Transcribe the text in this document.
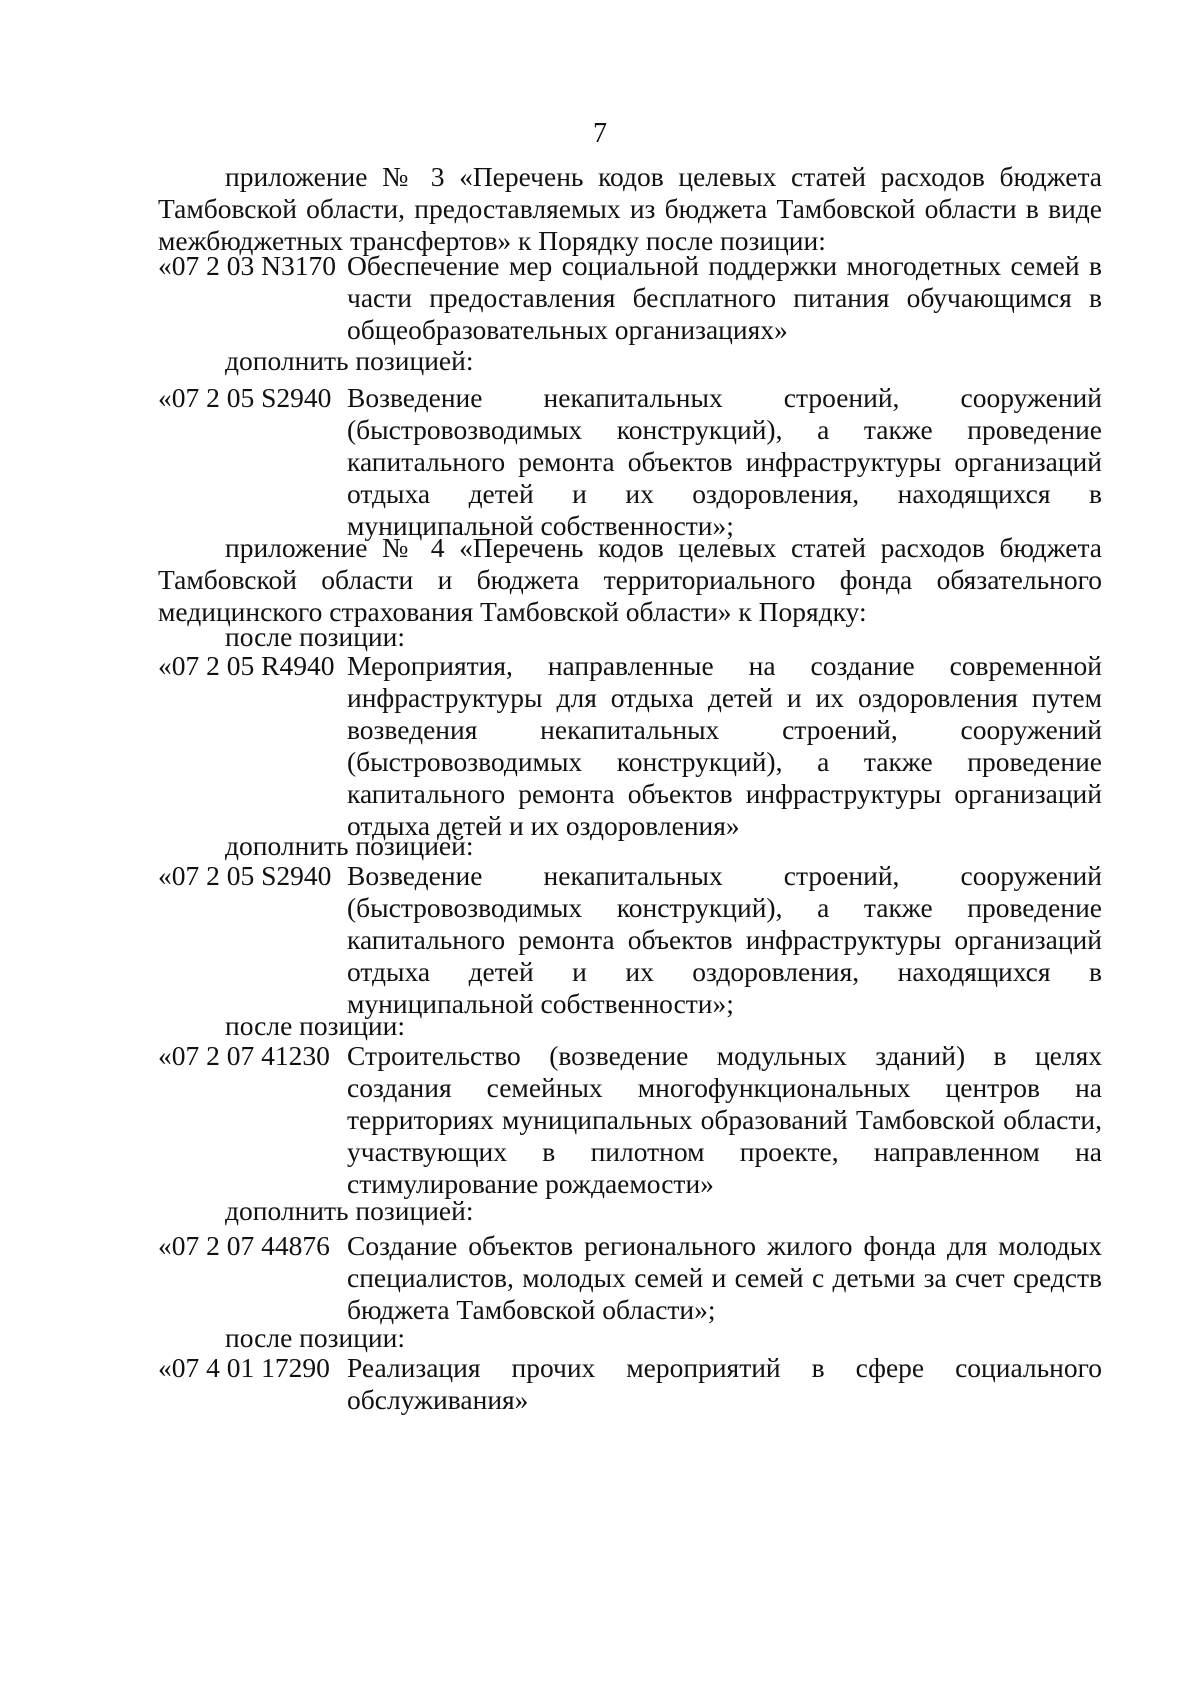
7
приложение № 3 «Перечень кодов целевых статей расходов бюджета Тамбовской области, предоставляемых из бюджета Тамбовской области в виде межбюджетных трансфертов» к Порядку после позиции:
«07 2 03 N3170 Обеспечение мер социальной поддержки многодетных семей в части предоставления бесплатного питания обучающимся в общеобразовательных организациях»
дополнить позицией:
«07 2 05 S2940 Возведение некапитальных строений, сооружений (быстровозводимых конструкций), а также проведение капитального ремонта объектов инфраструктуры организаций отдыха детей и их оздоровления, находящихся в муниципальной собственности»;
приложение № 4 «Перечень кодов целевых статей расходов бюджета Тамбовской области и бюджета территориального фонда обязательного медицинского страхования Тамбовской области» к Порядку:
после позиции:
«07 2 05 R4940 Мероприятия, направленные на создание современной инфраструктуры для отдыха детей и их оздоровления путем возведения некапитальных строений, сооружений (быстровозводимых конструкций), а также проведение капитального ремонта объектов инфраструктуры организаций отдыха детей и их оздоровления»
дополнить позицией:
«07 2 05 S2940 Возведение некапитальных строений, сооружений (быстровозводимых конструкций), а также проведение капитального ремонта объектов инфраструктуры организаций отдыха детей и их оздоровления, находящихся в муниципальной собственности»;
после позиции:
«07 2 07 41230 Строительство (возведение модульных зданий) в целях создания семейных многофункциональных центров на территориях муниципальных образований Тамбовской области, участвующих в пилотном проекте, направленном на стимулирование рождаемости»
дополнить позицией:
«07 2 07 44876 Создание объектов регионального жилого фонда для молодых специалистов, молодых семей и семей с детьми за счет средств бюджета Тамбовской области»;
после позиции:
«07 4 01 17290 Реализация прочих мероприятий в сфере социального обслуживания»
